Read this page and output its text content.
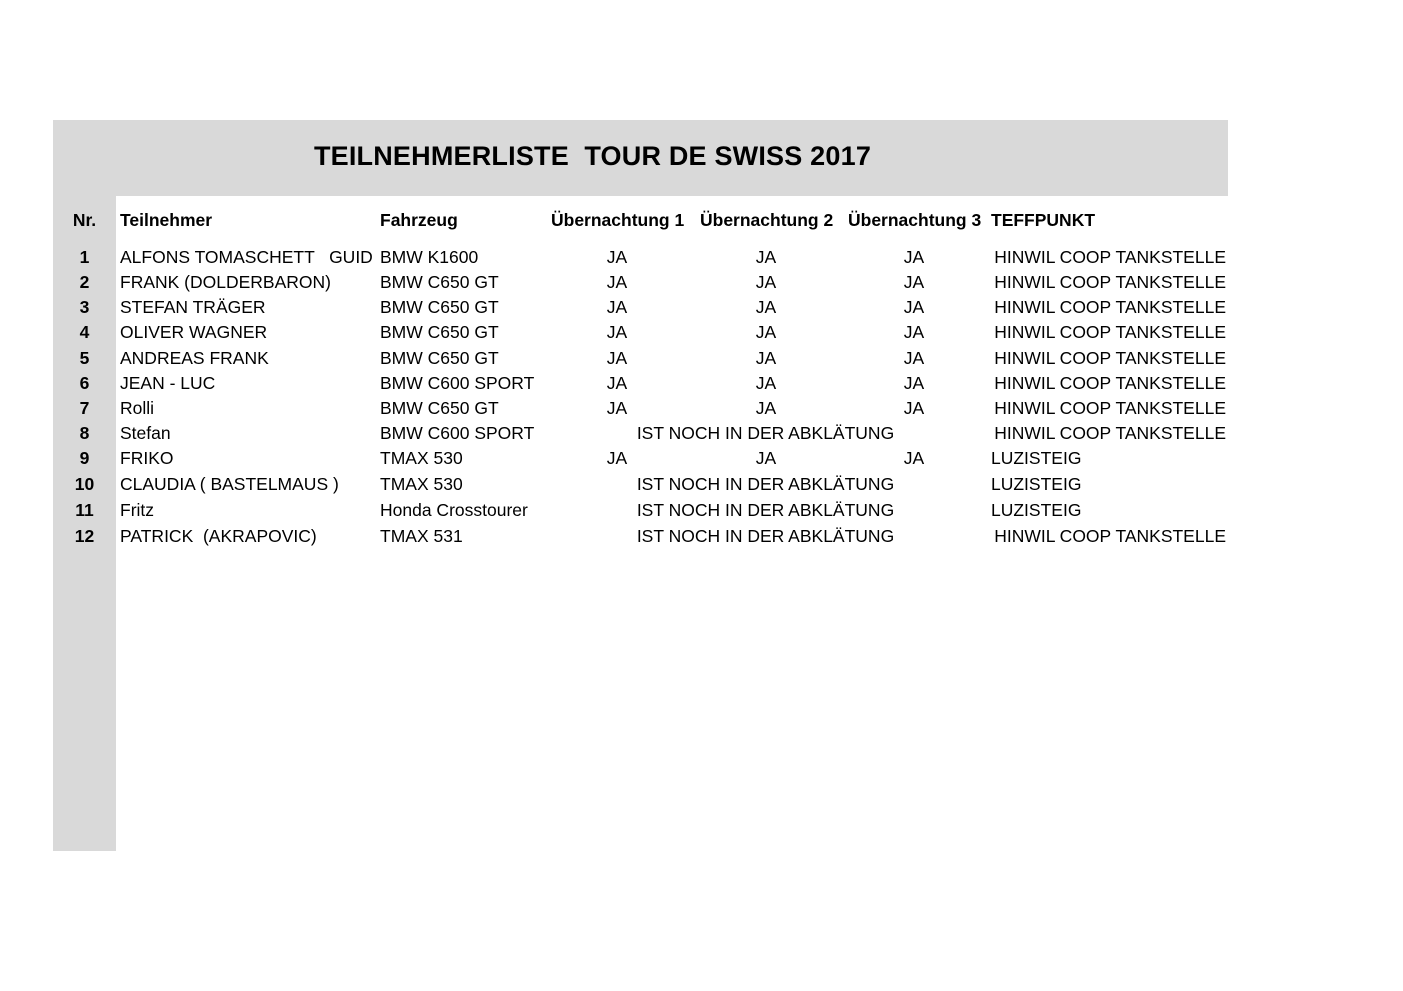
TEILNEHMERLISTE  TOUR DE SWISS 2017
Nr.	Teilnehmer	Fahrzeug	Übernachtung 1 Übernachtung 2 Übernachtung 3 TEFFPUNKT
1	ALFONS TOMASCHETT   GUID BMW K1600	JA	JA	JA	HINWIL COOP TANKSTELLE
2	FRANK (DOLDERBARON)	BMW C650 GT	JA	JA	JA	HINWIL COOP TANKSTELLE
3	STEFAN TRÄGER	BMW C650 GT	JA	JA	JA	HINWIL COOP TANKSTELLE
4	OLIVER WAGNER	BMW C650 GT	JA	JA	JA	HINWIL COOP TANKSTELLE
5	ANDREAS FRANK	BMW C650 GT	JA	JA	JA	HINWIL COOP TANKSTELLE
6	JEAN - LUC	BMW C600 SPORT	JA	JA	JA	HINWIL COOP TANKSTELLE
7	Rolli	BMW C650 GT	JA	JA	JA	HINWIL COOP TANKSTELLE
8	Stefan	BMW C600 SPORT	IST NOCH IN DER ABKLÄTUNG	HINWIL COOP TANKSTELLE
9	FRIKO	TMAX 530	JA	JA	JA	LUZISTEIG
10	CLAUDIA ( BASTELMAUS ) TMAX 530	IST NOCH IN DER ABKLÄTUNG	LUZISTEIG
11	Fritz	Honda Crosstourer	IST NOCH IN DER ABKLÄTUNG	LUZISTEIG
12	PATRICK  (AKRAPOVIC)	TMAX 531	IST NOCH IN DER ABKLÄTUNG	HINWIL COOP TANKSTELLE
